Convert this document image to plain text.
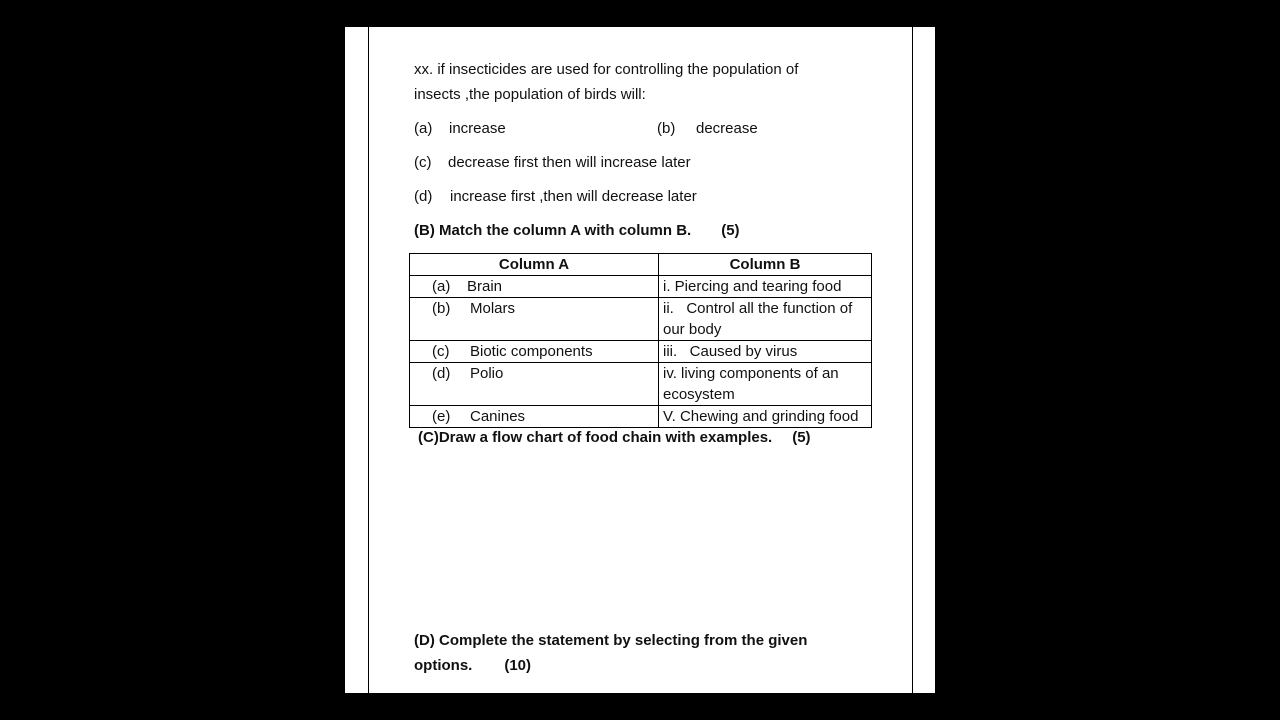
xx. if insecticides are used for controlling the population of
insects ,the population of birds will:
(a) increase	(b) decrease
(c) decrease first then will increase later
(d) increase first ,then will decrease later
(B) Match the column A with column B. (5)
Column A	Column B
(a) Brain	i. Piercing and tearing food

(b) Molars	ii.   Control all the function of
our body

(c) Biotic components	iii.   Caused by virus

(d) Polio	iv. living components of an
ecosystem

(e) Canines	V. Chewing and grinding food
(C)Draw a flow chart of food chain with examples. (5)
(D) Complete the statement by selecting from the given
options. (10)
